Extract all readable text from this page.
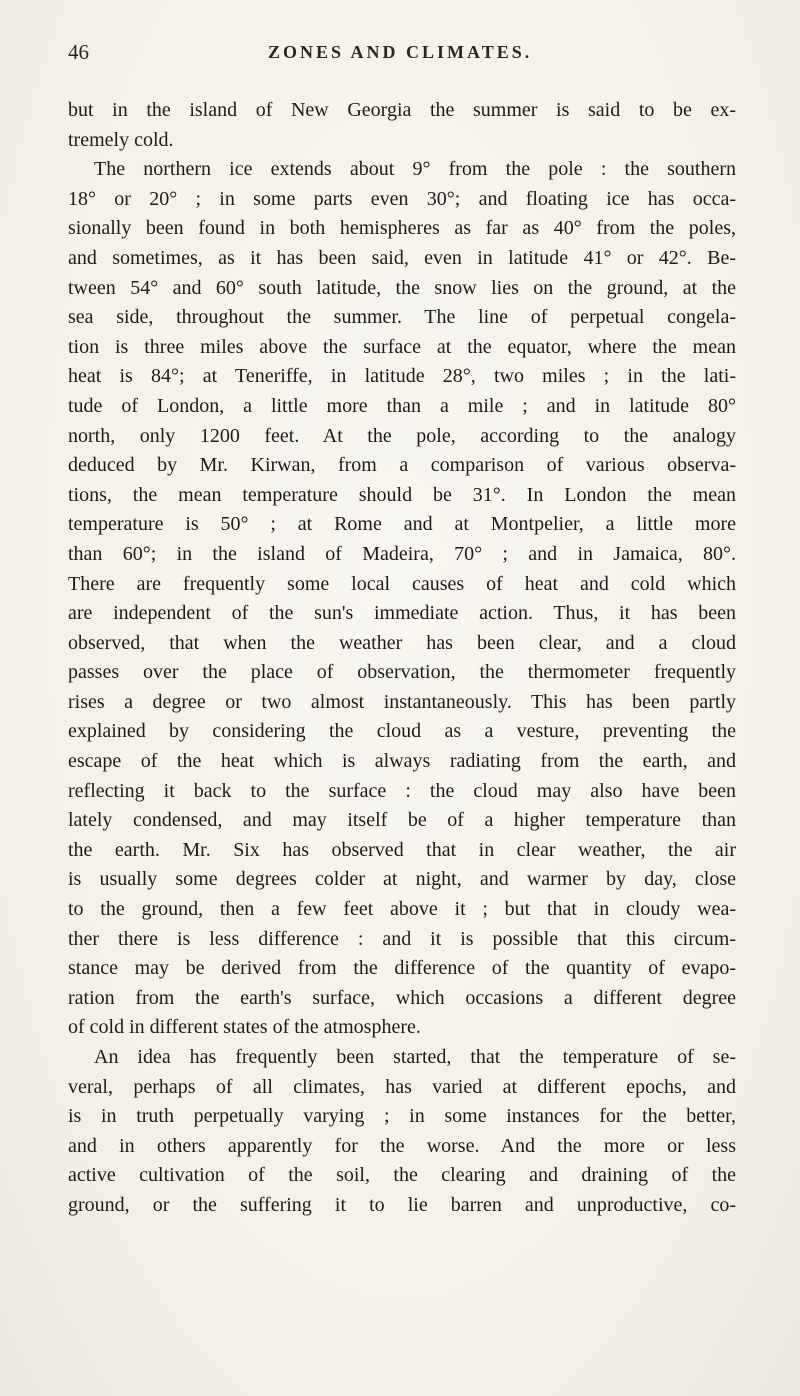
46	ZONES AND CLIMATES.
but in the island of New Georgia the summer is said to be ex-
tremely cold.
The northern ice extends about 9° from the pole : the southern
18° or 20° ; in some parts even 30°; and floating ice has occa-
sionally been found in both hemispheres as far as 40° from the poles,
and sometimes, as it has been said, even in latitude 41° or 42°. Be-
tween 54° and 60° south latitude, the snow lies on the ground, at the
sea side, throughout the summer. The line of perpetual congela-
tion is three miles above the surface at the equator, where the mean
heat is 84°; at Teneriffe, in latitude 28°, two miles ; in the lati-
tude of London, a little more than a mile ; and in latitude 80°
north, only 1200 feet. At the pole, according to the analogy
deduced by Mr. Kirwan, from a comparison of various observa-
tions, the mean temperature should be 31°. In London the mean
temperature is 50° ; at Rome and at Montpelier, a little more
than 60°; in the island of Madeira, 70° ; and in Jamaica, 80°.
There are frequently some local causes of heat and cold which
are independent of the sun's immediate action. Thus, it has been
observed, that when the weather has been clear, and a cloud
passes over the place of observation, the thermometer frequently
rises a degree or two almost instantaneously. This has been partly
explained by considering the cloud as a vesture, preventing the
escape of the heat which is always radiating from the earth, and
reflecting it back to the surface : the cloud may also have been
lately condensed, and may itself be of a higher temperature than
the earth. Mr. Six has observed that in clear weather, the air
is usually some degrees colder at night, and warmer by day, close
to the ground, then a few feet above it ; but that in cloudy wea-
ther there is less difference : and it is possible that this circum-
stance may be derived from the difference of the quantity of evapo-
ration from the earth's surface, which occasions a different degree
of cold in different states of the atmosphere.
An idea has frequently been started, that the temperature of se-
veral, perhaps of all climates, has varied at different epochs, and
is in truth perpetually varying ; in some instances for the better,
and in others apparently for the worse. And the more or less
active cultivation of the soil, the clearing and draining of the
ground, or the suffering it to lie barren and unproductive, co-
